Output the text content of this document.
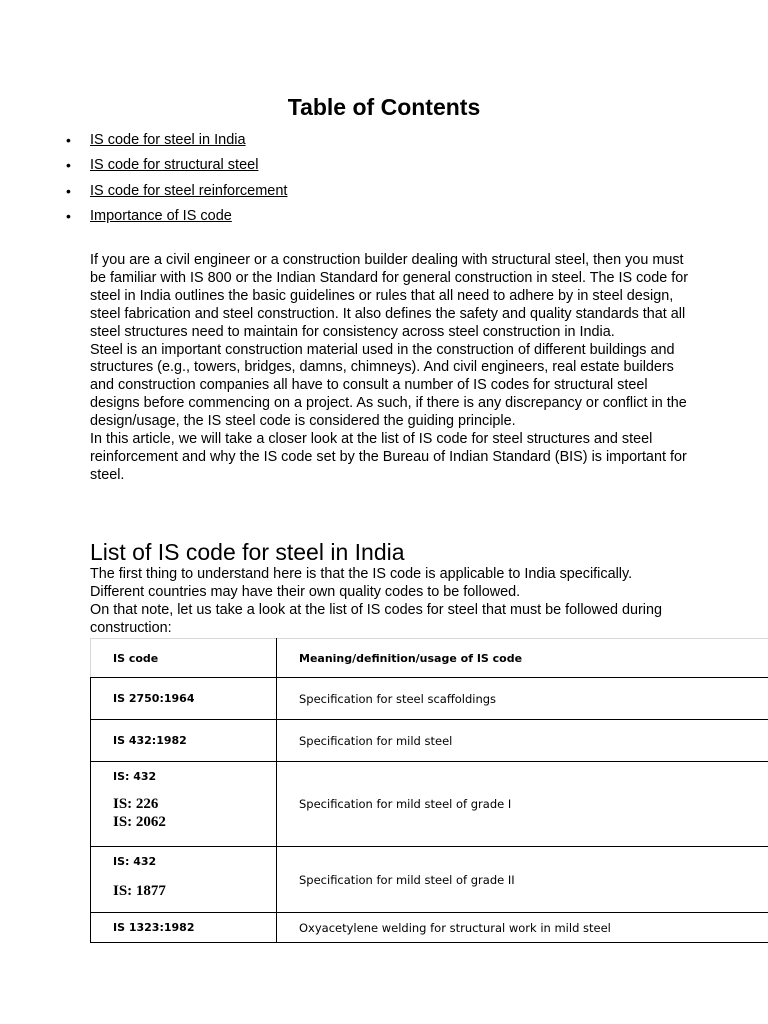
Table of Contents
• IS code for steel in India
• IS code for structural steel
• IS code for steel reinforcement
• Importance of IS code

If you are a civil engineer or a construction builder dealing with structural steel, then you must be familiar with IS 800 or the Indian Standard for general construction in steel. The IS code for steel in India outlines the basic guidelines or rules that all need to adhere by in steel design, steel fabrication and steel construction. It also defines the safety and quality standards that all steel structures need to maintain for consistency across steel construction in India.

Steel is an important construction material used in the construction of different buildings and structures (e.g., towers, bridges, damns, chimneys). And civil engineers, real estate builders and construction companies all have to consult a number of IS codes for structural steel designs before commencing on a project. As such, if there is any discrepancy or conflict in the design/usage, the IS steel code is considered the guiding principle.

In this article, we will take a closer look at the list of IS code for steel structures and steel reinforcement and why the IS code set by the Bureau of Indian Standard (BIS) is important for steel.

List of IS code for steel in India

The first thing to understand here is that the IS code is applicable to India specifically. Different countries may have their own quality codes to be followed.

On that note, let us take a look at the list of IS codes for steel that must be followed during construction:

IS code	Meaning/definition/usage of IS code
IS 2750:1964	Specification for steel scaffoldings
IS 432:1982	Specification for mild steel

IS: 432
IS: 226
IS: 2062	Specification for mild steel of grade I

IS: 432
IS: 1877	Specification for mild steel of grade II
IS 1323:1982	Oxyacetylene welding for structural work in mild steel
